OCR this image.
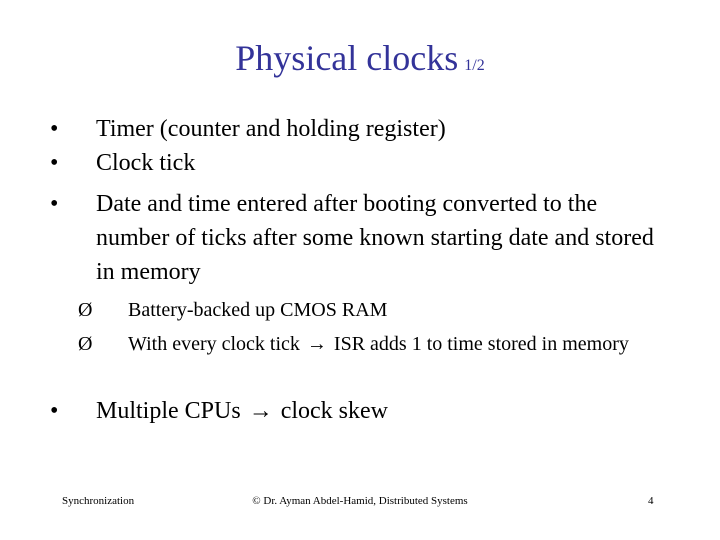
Physical clocks 1/2
•	Timer (counter and holding register)
•	Clock tick
•	Date and time entered after booting converted to the number of ticks after some known starting date and stored in memory
Ø	Battery-backed up CMOS RAM
Ø	With every clock tick → ISR adds 1 to time stored in memory
•	Multiple CPUs → clock skew
Synchronization	© Dr. Ayman Abdel-Hamid, Distributed Systems	4
